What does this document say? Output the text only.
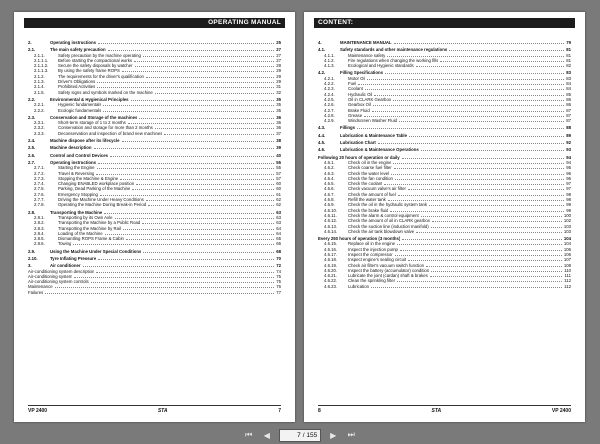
OPERATING MANUAL
2.	Operating instructions	25
2.1.	The main safety precaution	27
2.1.1.	Safety precaution by the machine operating	27
2.1.1.1.	Before starting the compactional works	27
2.1.1.2.	Secure the safety disposals by watcher	28
2.1.1.3.	By using the safety frame ROPS	29
2.1.2.	The requirements for the driver's qualification	29
2.1.3.	Driver's Obligations	29
2.1.4.	Prohibited Activities	31
2.1.5.	Safety signs and symbols marked on the machine	32
2.2.	Environmental & Hygienical Principles	35
2.2.1.	Hygienic fundamentals	35
2.2.2.	Ecologic fundamentals	35
2.3.	Conservation and Storage of the machines	36
2.3.1.	Short-term storage of 1 to 2 months	36
2.3.2.	Conservation and storage for more than 2 months	36
2.3.3.	Deconservation and inspection of brand new machines	37
2.4.	Machine dispose after its lifecycle	38
2.5.	Machine description	39
2.6.	Control and Control Devices	40
2.7.	Operating instructions	55
2.7.1.	Starting the Engine	55
2.7.2.	Travel & Reversing	57
2.7.3.	Stopping the Machine & Engine	57
2.7.4.	Changing ENABLED workplace position	60
2.7.5.	Parking, Dead Parking of the Machine	60
2.7.6.	Emergency Stopping	61
2.7.7.	Driving the Machine Under Heavy Conditions	62
2.7.8.	Operating the Machine During Break-in Period	62
2.8.	Transporting the Machine	63
2.8.1.	Transporting by its Own Axle	63
2.8.2.	Transporting the Machine by a Public Road	63
2.8.3.	Transporting the Machine by Rail	64
2.8.4.	Loading of the Machine	64
2.8.5.	Dismantling ROPS Frame & Cabin	65
2.8.6.	Towing	66
2.9.	Using the Machine Under Special Conditions	68
2.10.	Tyre Inflating Pressure	70
3.	Air conditioner	72
Air-conditioning system description	74
Air-conditioning system	75
Air-conditioning system controls	75
Maintenance	76
Failures	77
VP 2400	STA	7
CONTENT:
4.	MAINTENANCE MANUAL	79
4.1.	Safety standards and other maintenance regulations	81
4.1.1.	Maintenance safety	81
4.1.2.	Fire regulations when changing the working fills	81
4.1.3.	Ecological and Hygienic standards	82
4.2.	Filling Specifications	83
4.2.1.	Motor Oil	83
4.2.2.	Fuel	84
4.2.3.	Coolant	84
4.2.4.	Hydraulic Oil	85
4.2.5.	Oil in CLARK Gearbox	86
4.2.6.	Gearbox Oil	86
4.2.7.	Brake Fluid	87
4.2.8.	Grease	87
4.2.9.	Windscreen Washer Fluid	87
4.3.	Fillings	88
4.4.	Lubrication & Maintenance Table	89
4.5.	Lubrication Chart	92
4.6.	Lubrication & Maintenance Operations	93
Following 20 hours of operation or daily	94
4.6.1.	Check oil in the engine	94
4.6.2.	Check coarse fuel filter	95
4.6.3.	Check the water level	96
4.6.4.	Check the fan condition	96
4.6.5.	Check the coolant	97
4.6.6.	Check vacuum valve's air filter	97
4.6.7.	Check the amount of fuel	98
4.6.8.	Refill the water tank	98
4.6.9.	Check the oil in the hydraulic system tank	99
4.6.10.	Check the brake fluid	99
4.6.11.	Check the alarm & control equipment	100
4.6.12.	Check the amount of oil in CLARK gearbox	102
4.6.13.	Check the suction line (induction manifold)	103
4.6.14.	Check the air tank blowdown valve	103
Every 250 hours of operation (3 months)	104
4.6.15.	Replace oil in the engine	104
4.6.16.	Inspect the injection pump	106
4.6.17.	Inspect the compressor	106
4.6.18.	Inspect engine's sealing circuit	107
4.6.19.	Check air filter's vacuum switch function	108
4.6.20.	Inspect the battery (accumulator) condition	110
4.6.21.	Lubricate the joint (cardan) shaft & brakes	111
4.6.22.	Clean the sprinkling filter	112
4.6.23.	Lubrication	112
8	STA	VP 2400
⏮	◀
7	/ 155	▶	⏭
